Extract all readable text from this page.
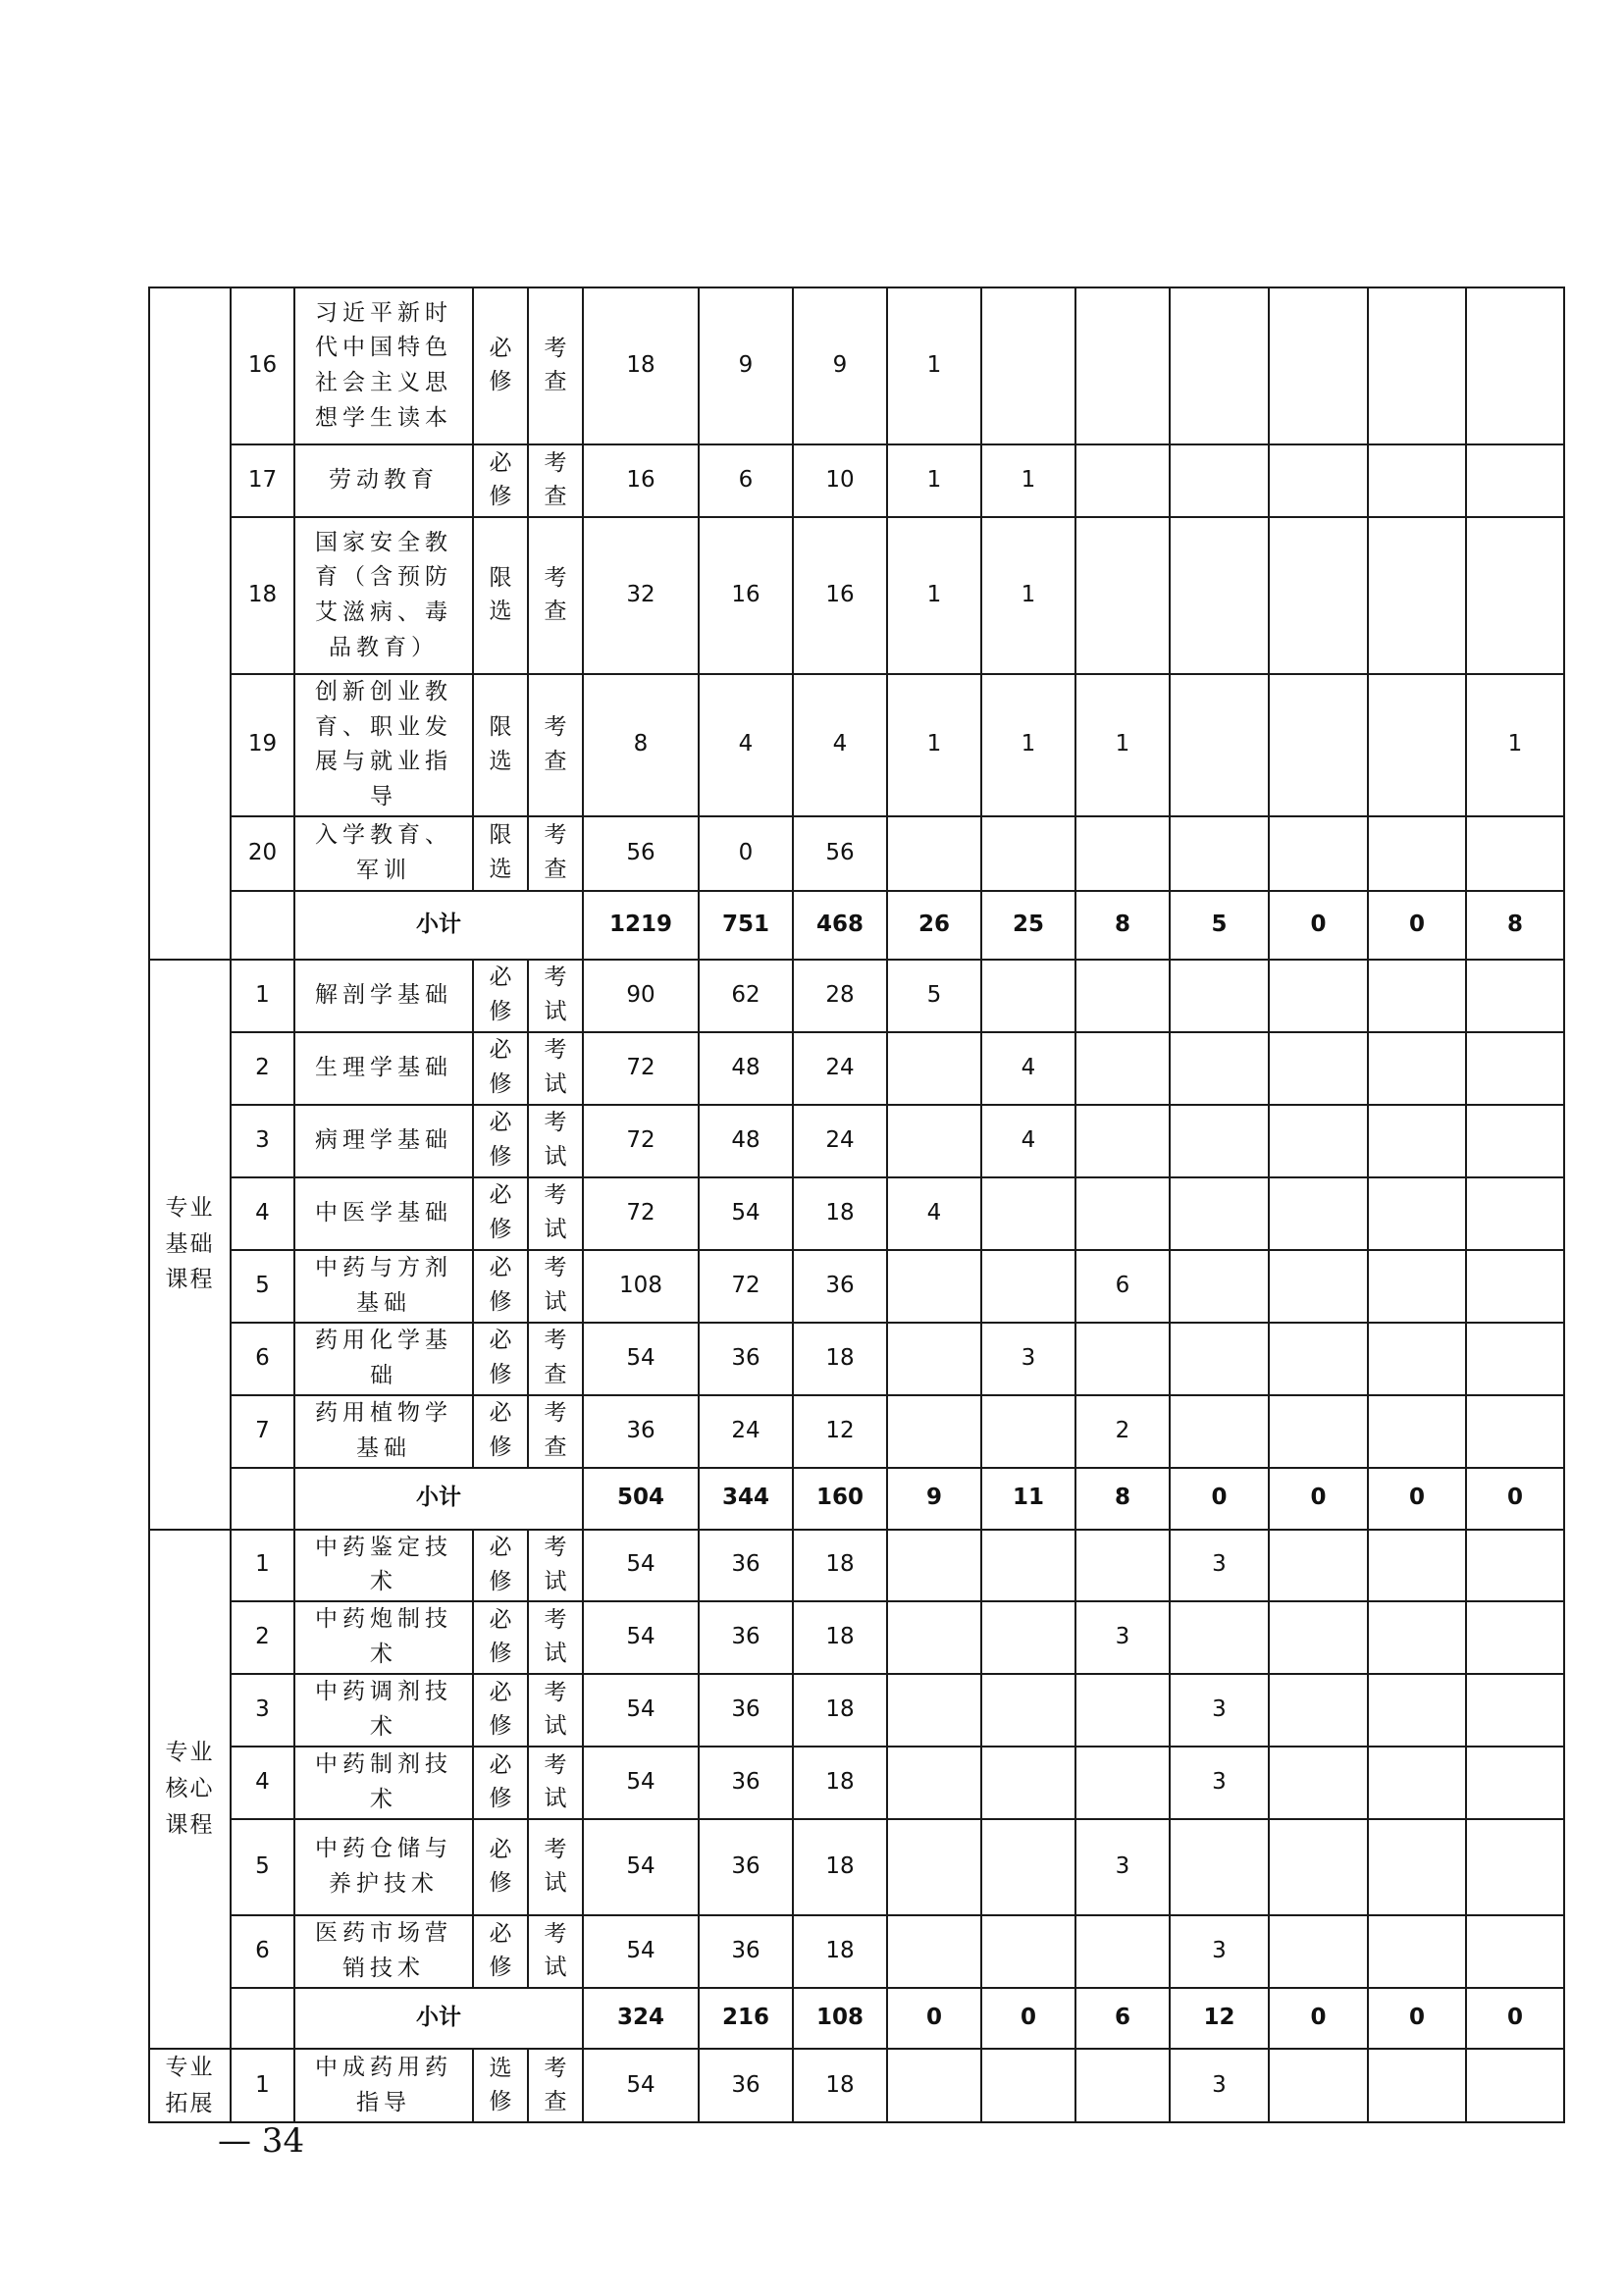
	16	习近平新时代中国特色社会主义思想学生读本	必修	考查	18	9	9	1						
	17	劳动教育	必修	考查	16	6	10	1	1					
	18	国家安全教育（含预防艾滋病、毒品教育）	限选	考查	32	16	16	1	1					
	19	创新创业教育、职业发展与就业指导	限选	考查	8	4	4	1	1	1				1
	20	入学教育、军训	限选	考查	56	0	56							
		小计			1219	751	468	26	25	8	5	0	0	8
专业基础课程	1	解剖学基础	必修	考试	90	62	28	5						
	2	生理学基础	必修	考试	72	48	24		4					
	3	病理学基础	必修	考试	72	48	24		4					
	4	中医学基础	必修	考试	72	54	18	4						
	5	中药与方剂基础	必修	考试	108	72	36			6				
	6	药用化学基础	必修	考查	54	36	18		3					
	7	药用植物学基础	必修	考查	36	24	12			2				
		小计			504	344	160	9	11	8	0	0	0	0
专业核心课程	1	中药鉴定技术	必修	考试	54	36	18				3			
	2	中药炮制技术	必修	考试	54	36	18			3				
	3	中药调剂技术	必修	考试	54	36	18				3			
	4	中药制剂技术	必修	考试	54	36	18				3			
	5	中药仓储与养护技术	必修	考试	54	36	18			3				
	6	医药市场营销技术	必修	考试	54	36	18				3			
		小计			324	216	108	0	0	6	12	0	0	0
专业拓展	1	中成药用药指导	选修	考查	54	36	18				3			
— 34
